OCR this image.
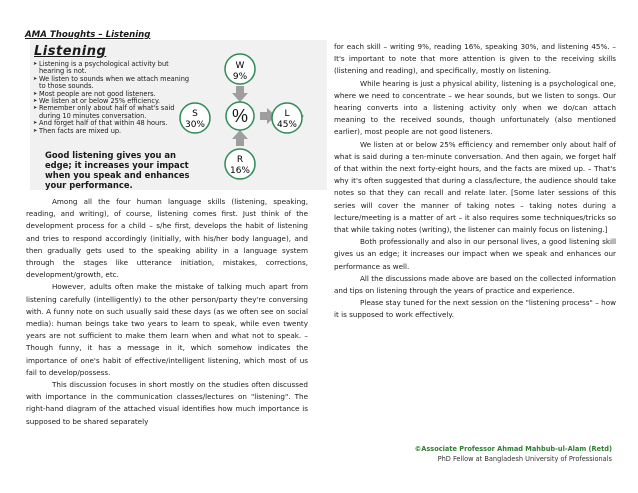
AMA Thoughts – Listening
Listening
➤ Listening is a psychological activity but hearing is not.
➤ We listen to sounds when we attach meaning to those sounds.
➤ Most people are not good listeners.
➤ We listen at or below 25% efficiency.
➤ Remember only about half of what's said during 10 minutes conversation.
➤ And forget half of that within 48 hours.
➤ Then facts are mixed up.
Good listening gives you an edge; it increases your impact when you speak and enhances your performance.
%
W
9%
S
30%
L
45%
R
16%

Among all the four human language skills (listening, speaking, reading, and writing), of course, listening comes first. Just think of the development process for a child – s/he first, develops the habit of listening and tries to respond accordingly (initially, with his/her body language), and then gradually gets used to the speaking ability in a language system through the stages like utterance initiation, mistakes, corrections, development/growth, etc.

However, adults often make the mistake of talking much apart from listening carefully (intelligently) to the other person/party they're conversing with. A funny note on such usually said these days (as we often see on social media): human beings take two years to learn to speak, while even twenty years are not sufficient to make them learn when and what not to speak. – Though funny, it has a message in it, which somehow indicates the importance of one's habit of effective/intelligent listening, which most of us fail to develop/possess.

This discussion focuses in short mostly on the studies often discussed with importance in the communication classes/lectures on "listening". The right-hand diagram of the attached visual identifies how much importance is supposed to be shared separately

for each skill – writing 9%, reading 16%, speaking 30%, and listening 45%. – It's important to note that more attention is given to the receiving skills (listening and reading), and specifically, mostly on listening.

While hearing is just a physical ability, listening is a psychological one, where we need to concentrate – we hear sounds, but we listen to songs. Our hearing converts into a listening activity only when we do/can attach meaning to the received sounds, though unfortunately (also mentioned earlier), most people are not good listeners.

We listen at or below 25% efficiency and remember only about half of what is said during a ten-minute conversation. And then again, we forget half of that within the next forty-eight hours, and the facts are mixed up. – That's why it's often suggested that during a class/lecture, the audience should take notes so that they can recall and relate later. [Some later sessions of this series will cover the manner of taking notes – taking notes during a lecture/meeting is a matter of art – it also requires some techniques/tricks so that while taking notes (writing), the listener can mainly focus on listening.]

Both professionally and also in our personal lives, a good listening skill gives us an edge; it increases our impact when we speak and enhances our performance as well.

All the discussions made above are based on the collected information and tips on listening through the years of practice and experience.

Please stay tuned for the next session on the "listening process" – how it is supposed to work effectively.

©Associate Professor Ahmad Mahbub-ul-Alam (Retd)
PhD Fellow at Bangladesh University of Professionals
